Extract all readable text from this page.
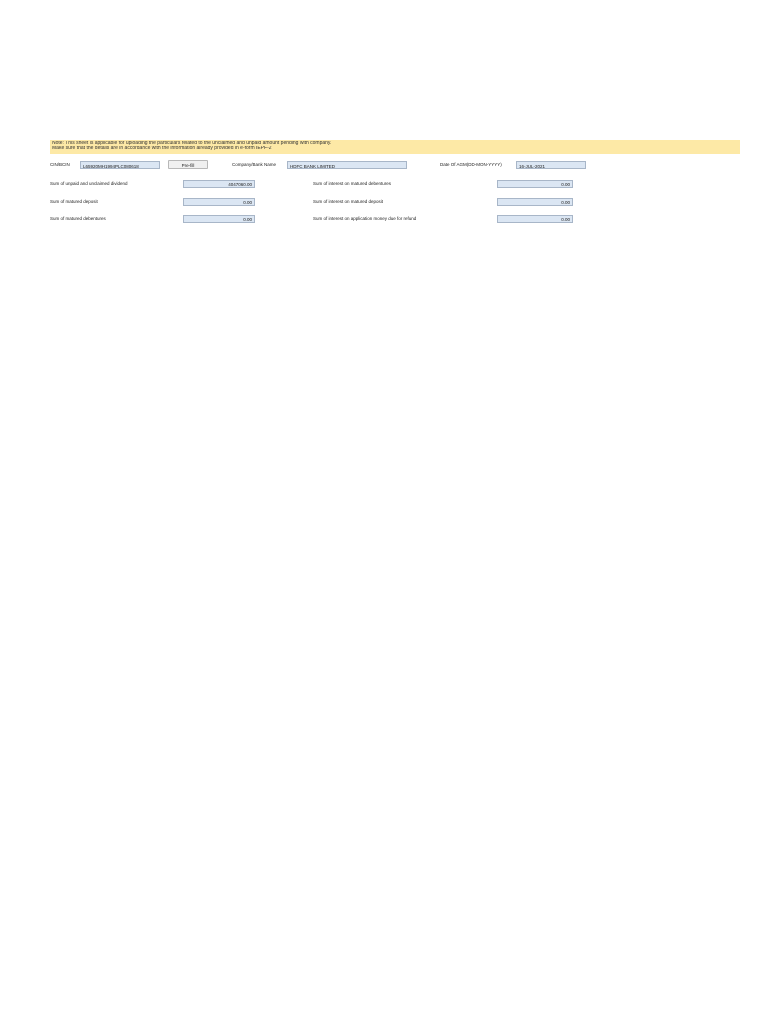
Note: This sheet is applicable for uploading the particulars related to the unclaimed and unpaid amount pending with company.
Make sure that the details are in accordance with the information already provided in e-form IEPF-2
CIN/BCIN	L65920MH1994PLC080618	Pre-fill	Company/Bank Name	HDFC BANK LIMITED	Date Of AGM(DD-MON-YYYY)	16-JUL-2021
Sum of unpaid and unclaimed dividend	4047060.00	Sum of interest on matured debentures	0.00
Sum of matured deposit	0.00	Sum of interest on matured deposit	0.00
Sum of matured debentures	0.00	Sum of interest on application money due for refund	0.00
